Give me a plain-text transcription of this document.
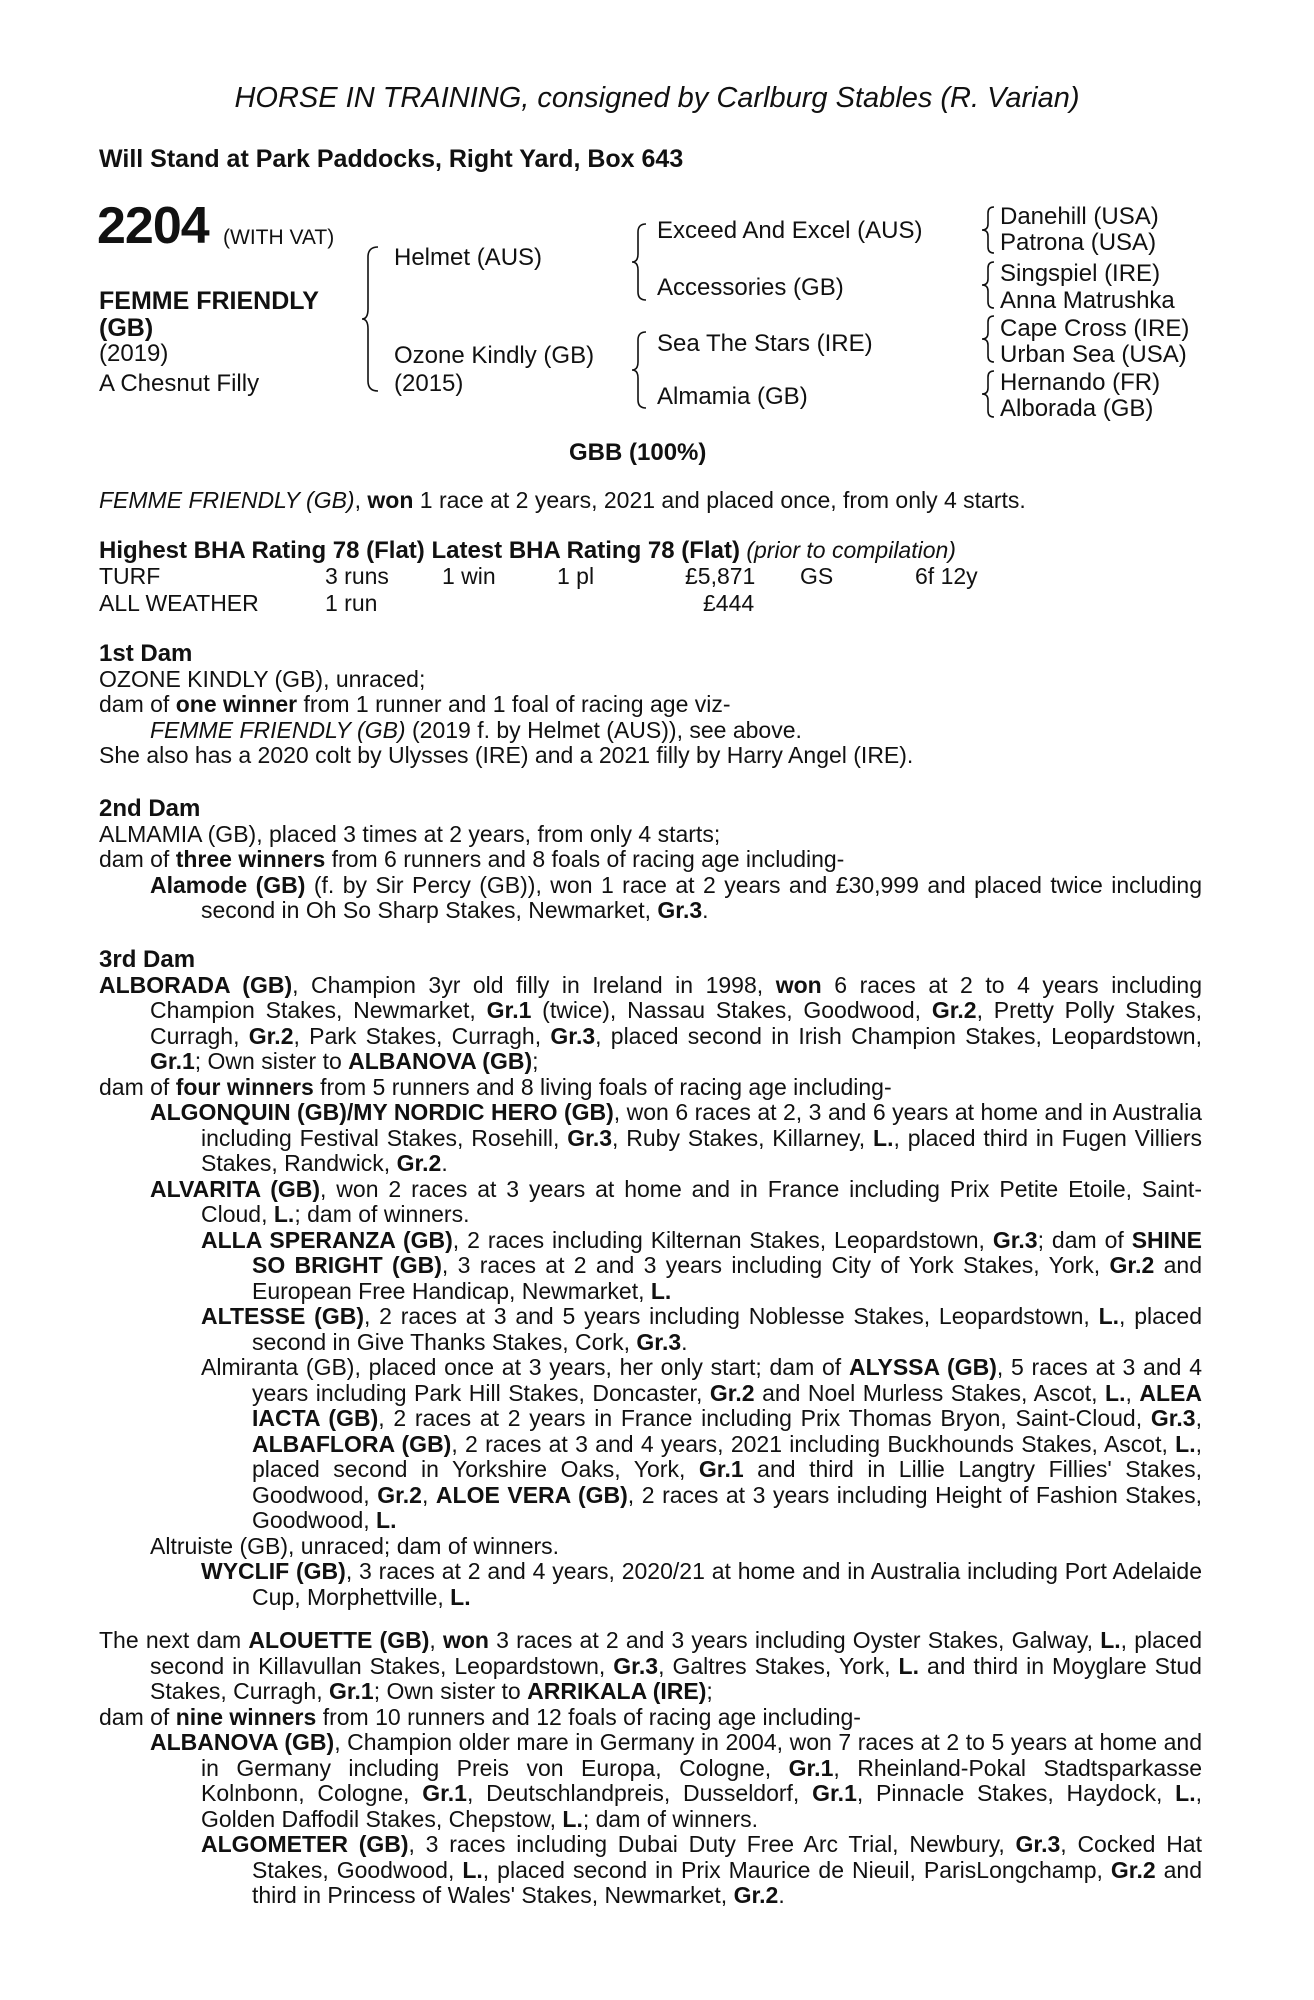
HORSE IN TRAINING, consigned by Carlburg Stables (R. Varian)
Will Stand at Park Paddocks, Right Yard, Box 643
2204 (WITH VAT)
FEMME FRIENDLY
(GB)
(2019)
A Chesnut Filly
Helmet (AUS)
Ozone Kindly (GB)
(2015)
Exceed And Excel (AUS)
Accessories (GB)
Sea The Stars (IRE)
Almamia (GB)
Danehill (USA)
Patrona (USA)
Singspiel (IRE)
Anna Matrushka
Cape Cross (IRE)
Urban Sea (USA)
Hernando (FR)
Alborada (GB)
GBB (100%)

FEMME FRIENDLY (GB), won 1 race at 2 years, 2021 and placed once, from only 4 starts.

Highest BHA Rating 78 (Flat) Latest BHA Rating 78 (Flat) (prior to compilation)

TURF	3 runs 1 win	1 pl	£5,871 GS	6f 12y
ALL WEATHER	1 run	£444

1st Dam

OZONE KINDLY (GB), unraced;

dam of one winner from 1 runner and 1 foal of racing age viz-

FEMME FRIENDLY (GB) (2019 f. by Helmet (AUS)), see above.

She also has a 2020 colt by Ulysses (IRE) and a 2021 filly by Harry Angel (IRE).

2nd Dam

ALMAMIA (GB), placed 3 times at 2 years, from only 4 starts;

dam of three winners from 6 runners and 8 foals of racing age including-

Alamode (GB) (f. by Sir Percy (GB)), won 1 race at 2 years and £30,999 and placed twice including second in Oh So Sharp Stakes, Newmarket, Gr.3.

3rd Dam

ALBORADA (GB), Champion 3yr old filly in Ireland in 1998, won 6 races at 2 to 4 years including Champion Stakes, Newmarket, Gr.1 (twice), Nassau Stakes, Goodwood, Gr.2, Pretty Polly Stakes, Curragh, Gr.2, Park Stakes, Curragh, Gr.3, placed second in Irish Champion Stakes, Leopardstown, Gr.1; Own sister to ALBANOVA (GB);

dam of four winners from 5 runners and 8 living foals of racing age including-

ALGONQUIN (GB)/MY NORDIC HERO (GB), won 6 races at 2, 3 and 6 years at home and in Australia including Festival Stakes, Rosehill, Gr.3, Ruby Stakes, Killarney, L., placed third in Fugen Villiers Stakes, Randwick, Gr.2.

ALVARITA (GB), won 2 races at 3 years at home and in France including Prix Petite Etoile, Saint-Cloud, L.; dam of winners.

ALLA SPERANZA (GB), 2 races including Kilternan Stakes, Leopardstown, Gr.3; dam of SHINE SO BRIGHT (GB), 3 races at 2 and 3 years including City of York Stakes, York, Gr.2 and European Free Handicap, Newmarket, L.

ALTESSE (GB), 2 races at 3 and 5 years including Noblesse Stakes, Leopardstown, L., placed second in Give Thanks Stakes, Cork, Gr.3.

Almiranta (GB), placed once at 3 years, her only start; dam of ALYSSA (GB), 5 races at 3 and 4 years including Park Hill Stakes, Doncaster, Gr.2 and Noel Murless Stakes, Ascot, L., ALEA IACTA (GB), 2 races at 2 years in France including Prix Thomas Bryon, Saint-Cloud, Gr.3, ALBAFLORA (GB), 2 races at 3 and 4 years, 2021 including Buckhounds Stakes, Ascot, L., placed second in Yorkshire Oaks, York, Gr.1 and third in Lillie Langtry Fillies' Stakes, Goodwood, Gr.2, ALOE VERA (GB), 2 races at 3 years including Height of Fashion Stakes, Goodwood, L.

Altruiste (GB), unraced; dam of winners.

WYCLIF (GB), 3 races at 2 and 4 years, 2020/21 at home and in Australia including Port Adelaide Cup, Morphettville, L.

The next dam ALOUETTE (GB), won 3 races at 2 and 3 years including Oyster Stakes, Galway, L., placed second in Killavullan Stakes, Leopardstown, Gr.3, Galtres Stakes, York, L. and third in Moyglare Stud Stakes, Curragh, Gr.1; Own sister to ARRIKALA (IRE);

dam of nine winners from 10 runners and 12 foals of racing age including-

ALBANOVA (GB), Champion older mare in Germany in 2004, won 7 races at 2 to 5 years at home and in Germany including Preis von Europa, Cologne, Gr.1, Rheinland-Pokal Stadtsparkasse Kolnbonn, Cologne, Gr.1, Deutschlandpreis, Dusseldorf, Gr.1, Pinnacle Stakes, Haydock, L., Golden Daffodil Stakes, Chepstow, L.; dam of winners.

ALGOMETER (GB), 3 races including Dubai Duty Free Arc Trial, Newbury, Gr.3, Cocked Hat Stakes, Goodwood, L., placed second in Prix Maurice de Nieuil, ParisLongchamp, Gr.2 and third in Princess of Wales' Stakes, Newmarket, Gr.2.
